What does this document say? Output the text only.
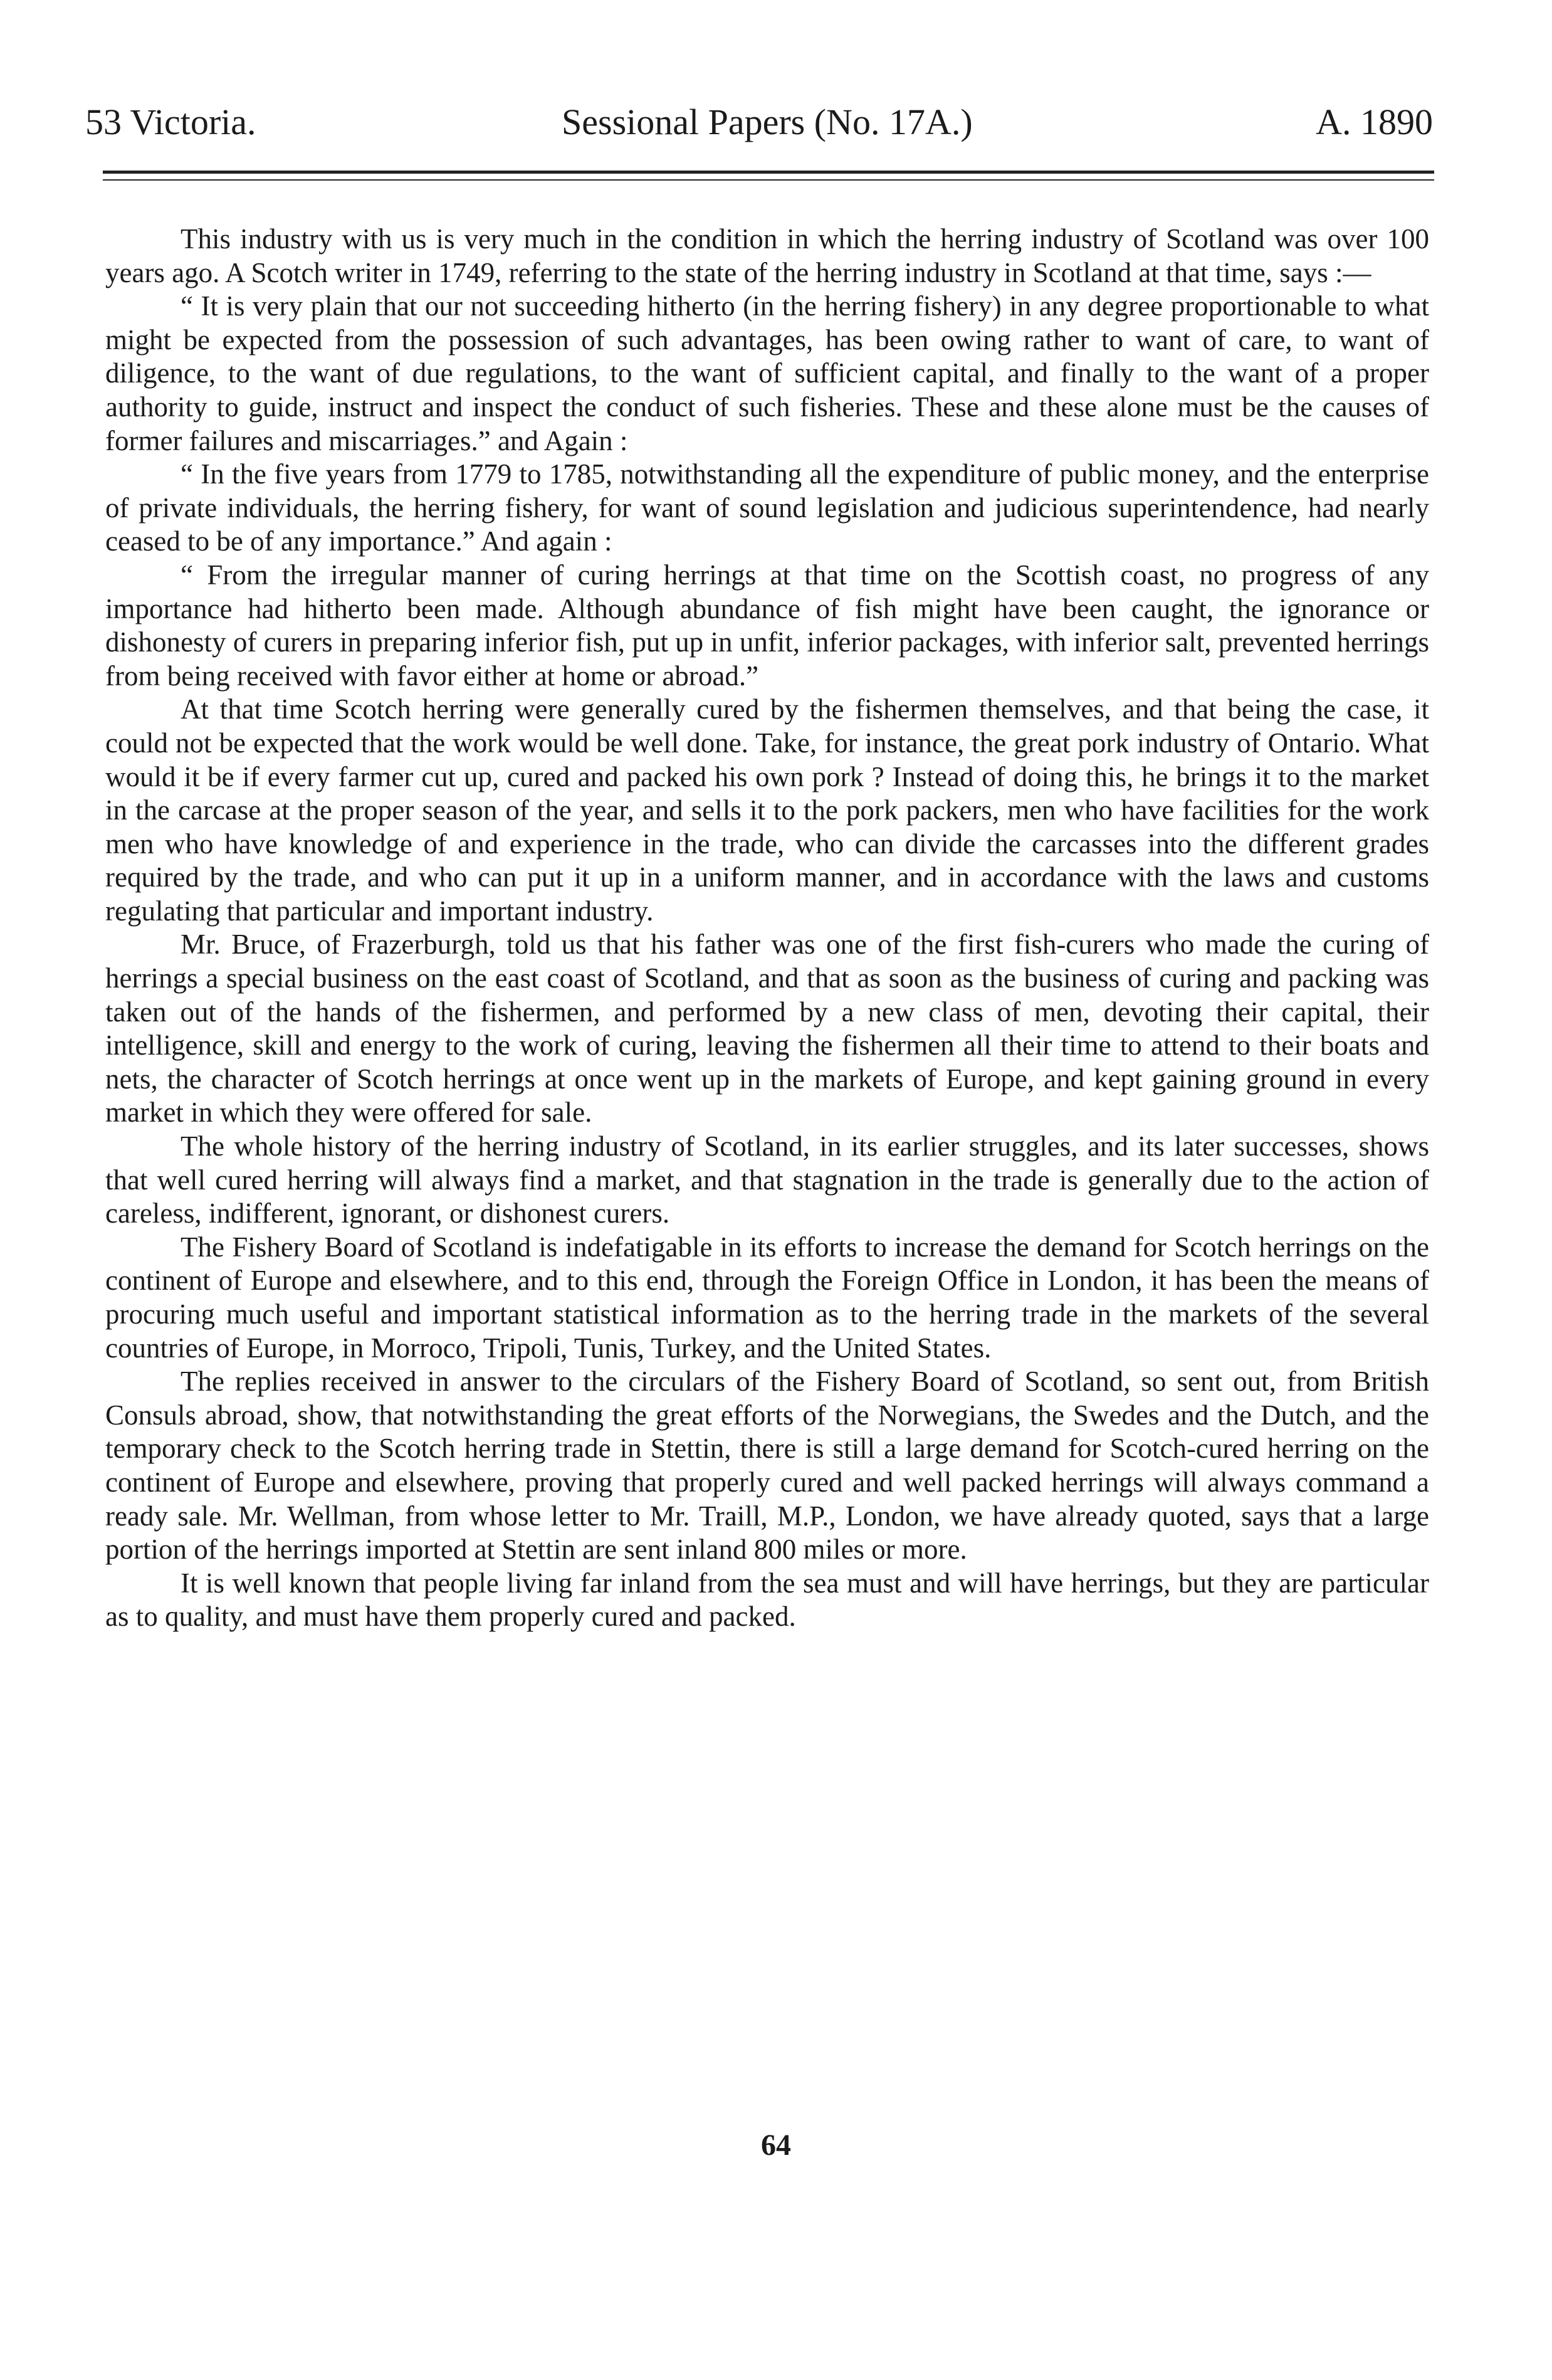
53 Victoria.	Sessional Papers (No. 17A.)	A. 1890

This industry with us is very much in the condition in which the herring industry of Scotland was over 100 years ago. A Scotch writer in 1749, referring to the state of the herring industry in Scotland at that time, says :—

“ It is very plain that our not succeeding hitherto (in the herring fishery) in any degree proportionable to what might be expected from the possession of such advantages, has been owing rather to want of care, to want of diligence, to the want of due regulations, to the want of sufficient capital, and finally to the want of a proper authority to guide, instruct and inspect the conduct of such fisheries. These and these alone must be the causes of former failures and miscarriages.” and Again :

“ In the five years from 1779 to 1785, notwithstanding all the expenditure of public money, and the enterprise of private individuals, the herring fishery, for want of sound legislation and judicious superintendence, had nearly ceased to be of any importance.” And again :

“ From the irregular manner of curing herrings at that time on the Scottish coast, no progress of any importance had hitherto been made. Although abundance of fish might have been caught, the ignorance or dishonesty of curers in preparing inferior fish, put up in unfit, inferior packages, with inferior salt, prevented herrings from being received with favor either at home or abroad.”

At that time Scotch herring were generally cured by the fishermen themselves, and that being the case, it could not be expected that the work would be well done. Take, for instance, the great pork industry of Ontario. What would it be if every farmer cut up, cured and packed his own pork ? Instead of doing this, he brings it to the market in the carcase at the proper season of the year, and sells it to the pork packers, men who have facilities for the work men who have knowledge of and experience in the trade, who can divide the carcasses into the different grades required by the trade, and who can put it up in a uniform manner, and in accordance with the laws and customs regulating that particular and important industry.

Mr. Bruce, of Frazerburgh, told us that his father was one of the first fish-curers who made the curing of herrings a special business on the east coast of Scotland, and that as soon as the business of curing and packing was taken out of the hands of the fishermen, and performed by a new class of men, devoting their capital, their intelligence, skill and energy to the work of curing, leaving the fishermen all their time to attend to their boats and nets, the character of Scotch herrings at once went up in the markets of Europe, and kept gaining ground in every market in which they were offered for sale.

The whole history of the herring industry of Scotland, in its earlier struggles, and its later successes, shows that well cured herring will always find a market, and that stagnation in the trade is generally due to the action of careless, indifferent, ignorant, or dishonest curers.

The Fishery Board of Scotland is indefatigable in its efforts to increase the demand for Scotch herrings on the continent of Europe and elsewhere, and to this end, through the Foreign Office in London, it has been the means of procuring much useful and important statistical information as to the herring trade in the markets of the several countries of Europe, in Morroco, Tripoli, Tunis, Turkey, and the United States.

The replies received in answer to the circulars of the Fishery Board of Scotland, so sent out, from British Consuls abroad, show, that notwithstanding the great efforts of the Norwegians, the Swedes and the Dutch, and the temporary check to the Scotch herring trade in Stettin, there is still a large demand for Scotch-cured herring on the continent of Europe and elsewhere, proving that properly cured and well packed herrings will always command a ready sale. Mr. Wellman, from whose letter to Mr. Traill, M.P., London, we have already quoted, says that a large portion of the herrings imported at Stettin are sent inland 800 miles or more.

It is well known that people living far inland from the sea must and will have herrings, but they are particular as to quality, and must have them properly cured and packed.

64
